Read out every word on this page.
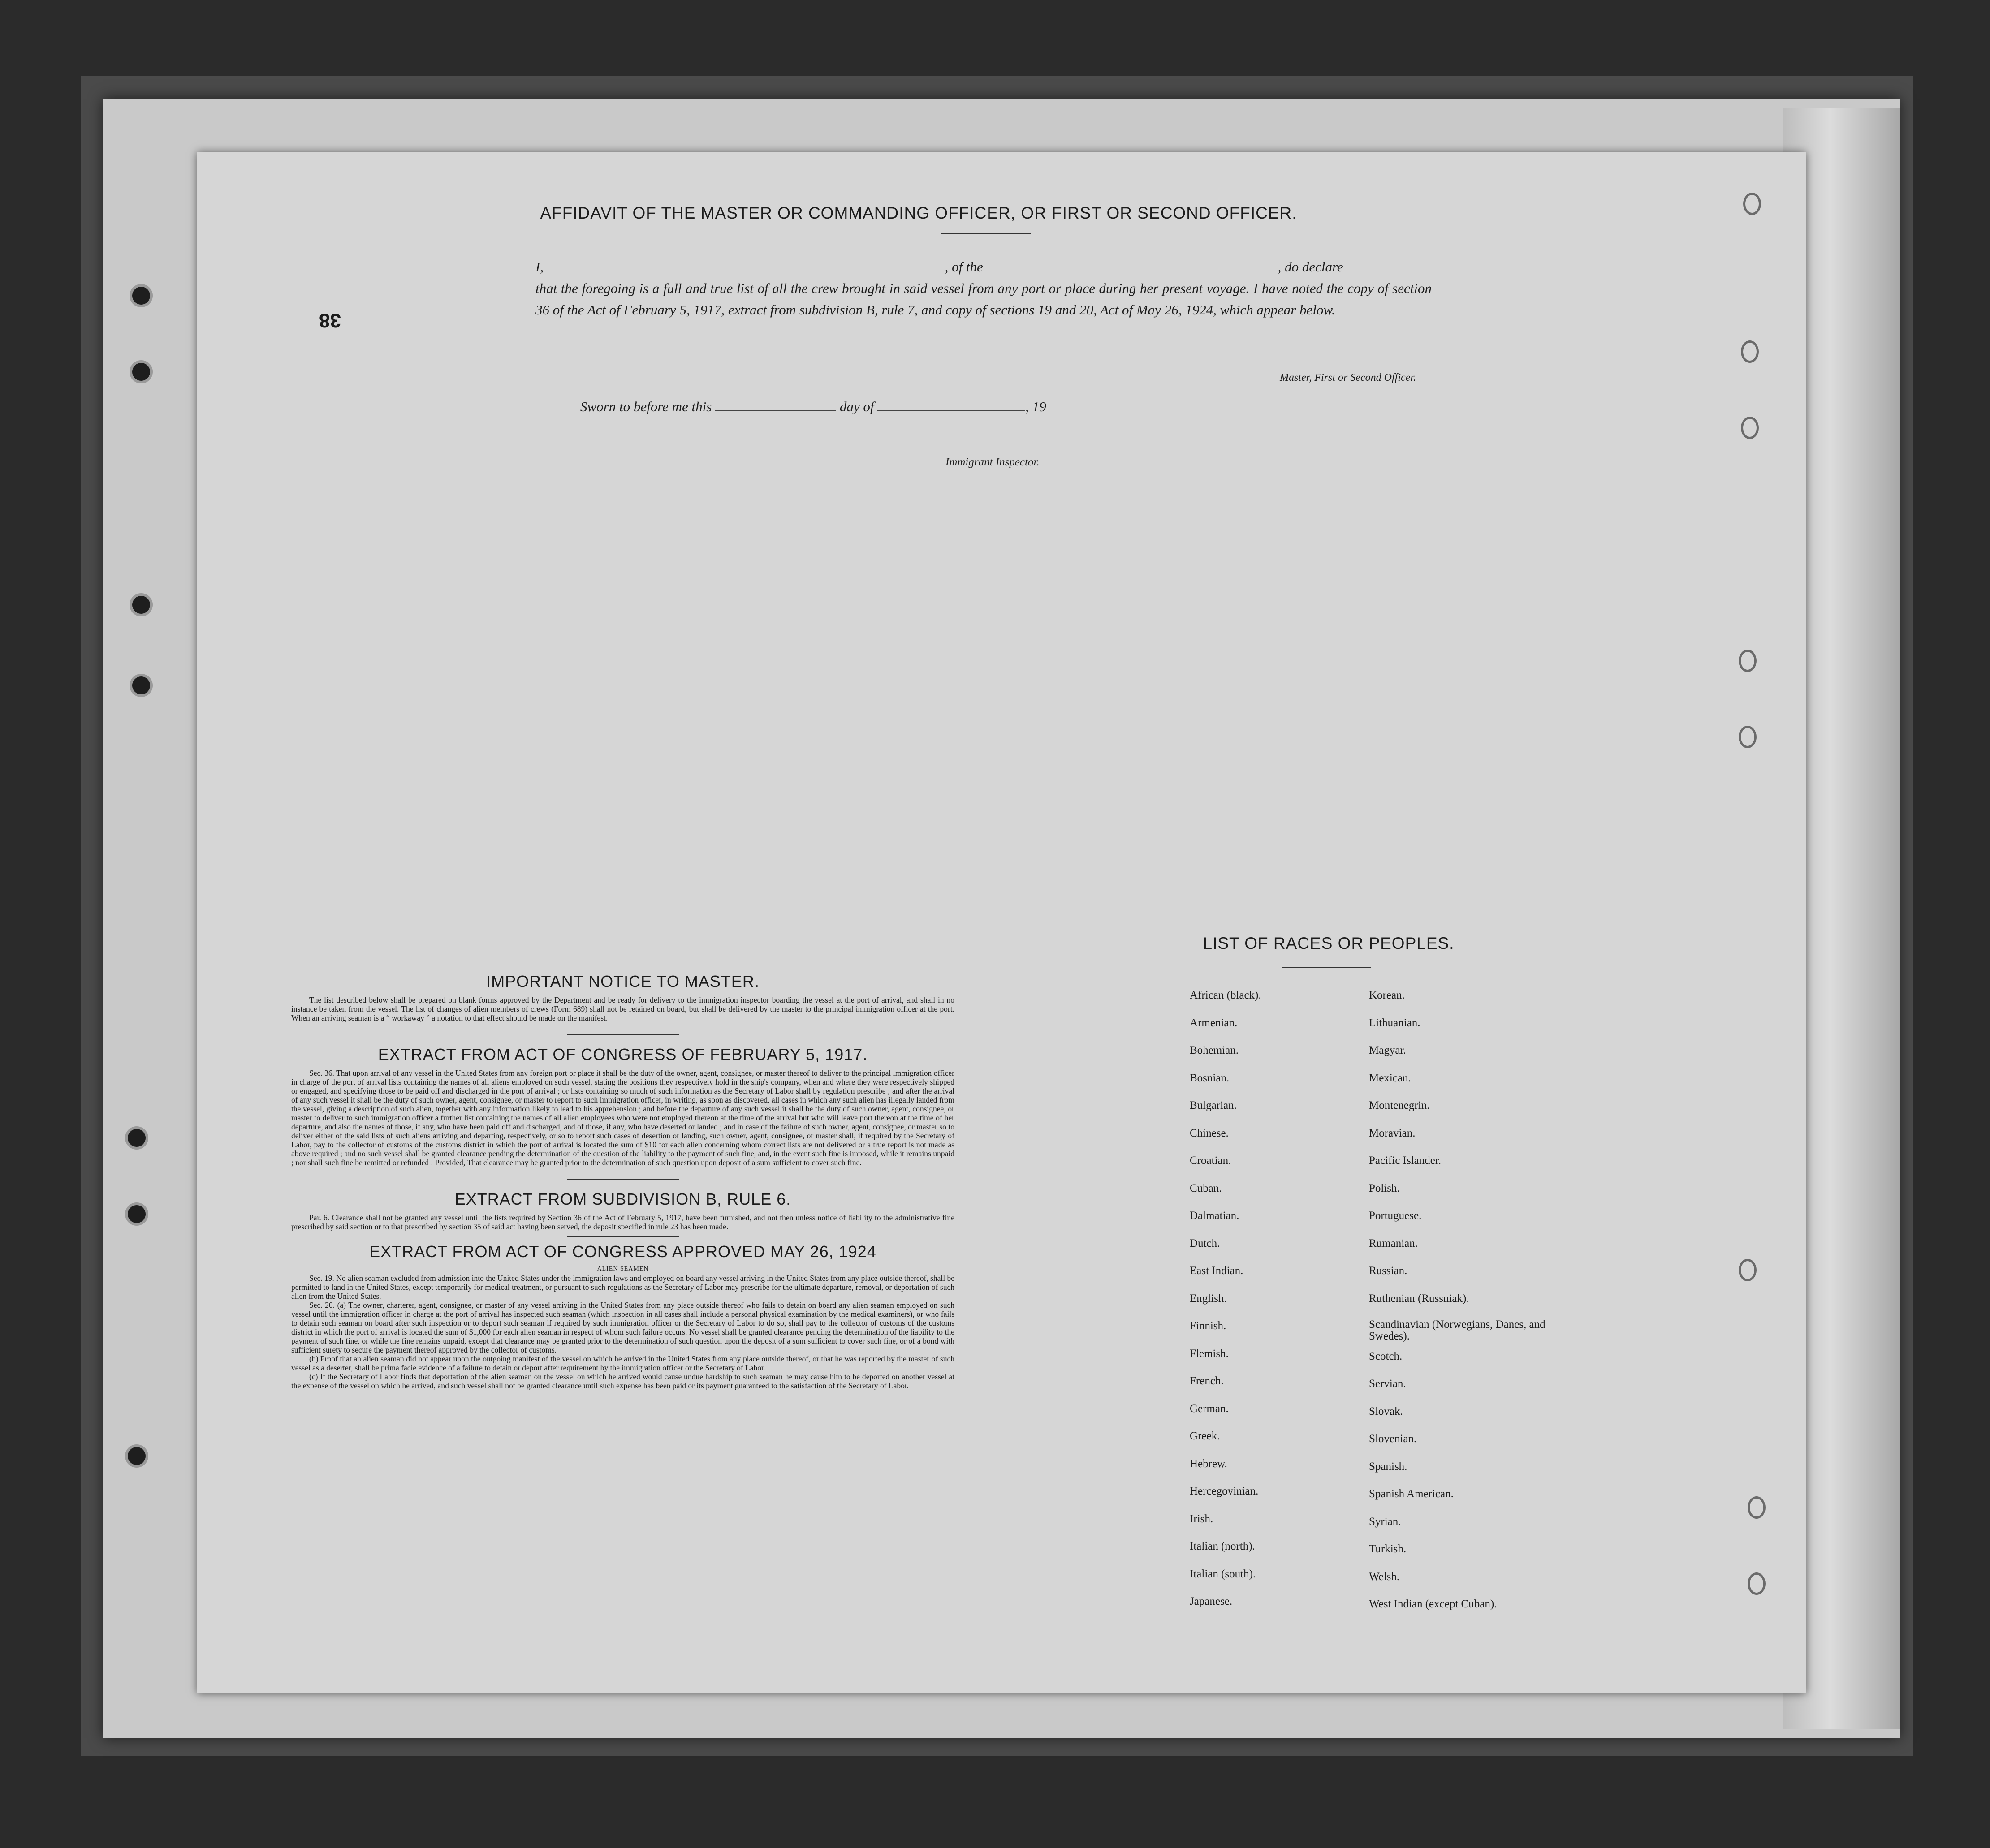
38
AFFIDAVIT OF THE MASTER OR COMMANDING OFFICER, OR FIRST OR SECOND OFFICER.
I,	, of the	, do declare
that the foregoing is a full and true list of all the crew brought in said vessel from any port or place during her present voyage. I have noted the copy of section 36 of the Act of February 5, 1917, extract from subdivision B, rule 7, and copy of sections 19 and 20, Act of May 26, 1924, which appear below.
Master, First or Second Officer.
Sworn to before me this	day of	, 19
Immigrant Inspector.
IMPORTANT NOTICE TO MASTER.

The list described below shall be prepared on blank forms approved by the Department and be ready for delivery to the immigration inspector boarding the vessel at the port of arrival, and shall in no instance be taken from the vessel. The list of changes of alien members of crews (Form 689) shall not be retained on board, but shall be delivered by the master to the principal immigration officer at the port. When an arriving seaman is a “ workaway ” a notation to that effect should be made on the manifest.

EXTRACT FROM ACT OF CONGRESS OF FEBRUARY 5, 1917.

Sec. 36. That upon arrival of any vessel in the United States from any foreign port or place it shall be the duty of the owner, agent, consignee, or master thereof to deliver to the principal immigration officer in charge of the port of arrival lists containing the names of all aliens employed on such vessel, stating the positions they respectively hold in the ship's company, when and where they were respectively shipped or engaged, and specifying those to be paid off and discharged in the port of arrival ; or lists containing so much of such information as the Secretary of Labor shall by regulation prescribe ; and after the arrival of any such vessel it shall be the duty of such owner, agent, consignee, or master to report to such immigration officer, in writing, as soon as discovered, all cases in which any such alien has illegally landed from the vessel, giving a description of such alien, together with any information likely to lead to his apprehension ; and before the departure of any such vessel it shall be the duty of such owner, agent, consignee, or master to deliver to such immigration officer a further list containing the names of all alien employees who were not employed thereon at the time of the arrival but who will leave port thereon at the time of her departure, and also the names of those, if any, who have been paid off and discharged, and of those, if any, who have deserted or landed ; and in case of the failure of such owner, agent, consignee, or master so to deliver either of the said lists of such aliens arriving and departing, respectively, or so to report such cases of desertion or landing, such owner, agent, consignee, or master shall, if required by the Secretary of Labor, pay to the collector of customs of the customs district in which the port of arrival is located the sum of $10 for each alien concerning whom correct lists are not delivered or a true report is not made as above required ; and no such vessel shall be granted clearance pending the determination of the question of the liability to the payment of such fine, and, in the event such fine is imposed, while it remains unpaid ; nor shall such fine be remitted or refunded : Provided, That clearance may be granted prior to the determination of such question upon deposit of a sum sufficient to cover such fine.

EXTRACT FROM SUBDIVISION B, RULE 6.

Par. 6. Clearance shall not be granted any vessel until the lists required by Section 36 of the Act of February 5, 1917, have been furnished, and not then unless notice of liability to the administrative fine prescribed by said section or to that prescribed by section 35 of said act having been served, the deposit specified in rule 23 has been made.

EXTRACT FROM ACT OF CONGRESS APPROVED MAY 26, 1924
ALIEN SEAMEN

Sec. 19. No alien seaman excluded from admission into the United States under the immigration laws and employed on board any vessel arriving in the United States from any place outside thereof, shall be permitted to land in the United States, except temporarily for medical treatment, or pursuant to such regulations as the Secretary of Labor may prescribe for the ultimate departure, removal, or deportation of such alien from the United States.

Sec. 20. (a) The owner, charterer, agent, consignee, or master of any vessel arriving in the United States from any place outside thereof who fails to detain on board any alien seaman employed on such vessel until the immigration officer in charge at the port of arrival has inspected such seaman (which inspection in all cases shall include a personal physical examination by the medical examiners), or who fails to detain such seaman on board after such inspection or to deport such seaman if required by such immigration officer or the Secretary of Labor to do so, shall pay to the collector of customs of the customs district in which the port of arrival is located the sum of $1,000 for each alien seaman in respect of whom such failure occurs. No vessel shall be granted clearance pending the determination of the liability to the payment of such fine, or while the fine remains unpaid, except that clearance may be granted prior to the determination of such question upon the deposit of a sum sufficient to cover such fine, or of a bond with sufficient surety to secure the payment thereof approved by the collector of customs.

(b) Proof that an alien seaman did not appear upon the outgoing manifest of the vessel on which he arrived in the United States from any place outside thereof, or that he was reported by the master of such vessel as a deserter, shall be prima facie evidence of a failure to detain or deport after requirement by the immigration officer or the Secretary of Labor.

(c) If the Secretary of Labor finds that deportation of the alien seaman on the vessel on which he arrived would cause undue hardship to such seaman he may cause him to be deported on another vessel at the expense of the vessel on which he arrived, and such vessel shall not be granted clearance until such expense has been paid or its payment guaranteed to the satisfaction of the Secretary of Labor.

LIST OF RACES OR PEOPLES.
African (black).
Armenian.
Bohemian.
Bosnian.
Bulgarian.
Chinese.
Croatian.
Cuban.
Dalmatian.
Dutch.
East Indian.
English.
Finnish.
Flemish.
French.
German.
Greek.
Hebrew.
Hercegovinian.
Irish.
Italian (north).
Italian (south).
Japanese.
Korean.
Lithuanian.
Magyar.
Mexican.
Montenegrin.
Moravian.
Pacific Islander.
Polish.
Portuguese.
Rumanian.
Russian.
Ruthenian (Russniak).
Scandinavian (Norwegians, Danes, and Swedes).
Scotch.
Servian.
Slovak.
Slovenian.
Spanish.
Spanish American.
Syrian.
Turkish.
Welsh.
West Indian (except Cuban).
